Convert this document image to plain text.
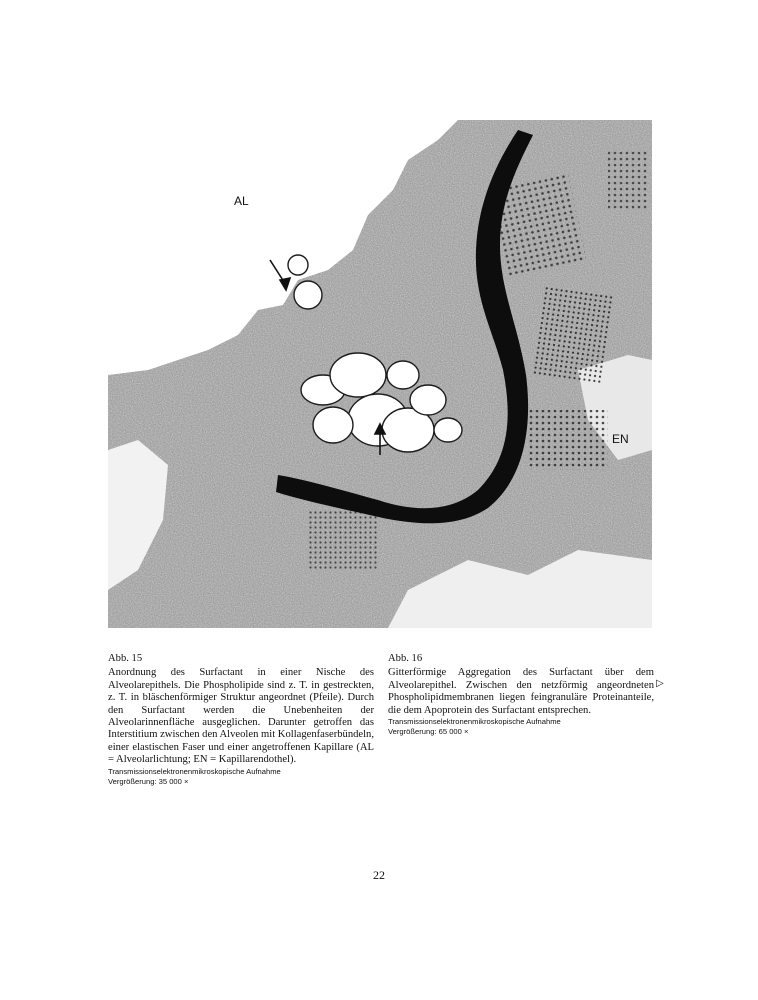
AL
EN
Abb. 15
Anordnung des Surfactant in einer Nische des Alveolarepithels. Die Phospholipide sind z. T. in gestreckten, z. T. in bläschenförmiger Struktur angeordnet (Pfeile). Durch den Surfactant werden die Unebenheiten der Alveolarinnenfläche ausgeglichen. Darunter getroffen das Interstitium zwischen den Alveolen mit Kollagenfaserbündeln, einer elastischen Faser und einer angetroffenen Kapillare (AL = Alveolarlichtung; EN = Kapillarendothel).
Transmissionselektronenmikroskopische Aufnahme
Vergrößerung: 35 000 ×
Abb. 16
Gitterförmige Aggregation des Surfactant über dem Alveolarepithel. Zwischen den netzförmig angeordneten Phospholipidmembranen liegen feingranuläre Proteinanteile, die dem Apoprotein des Surfactant entsprechen.
Transmissionselektronenmikroskopische Aufnahme
Vergrößerung: 65 000 ×
▷
22
